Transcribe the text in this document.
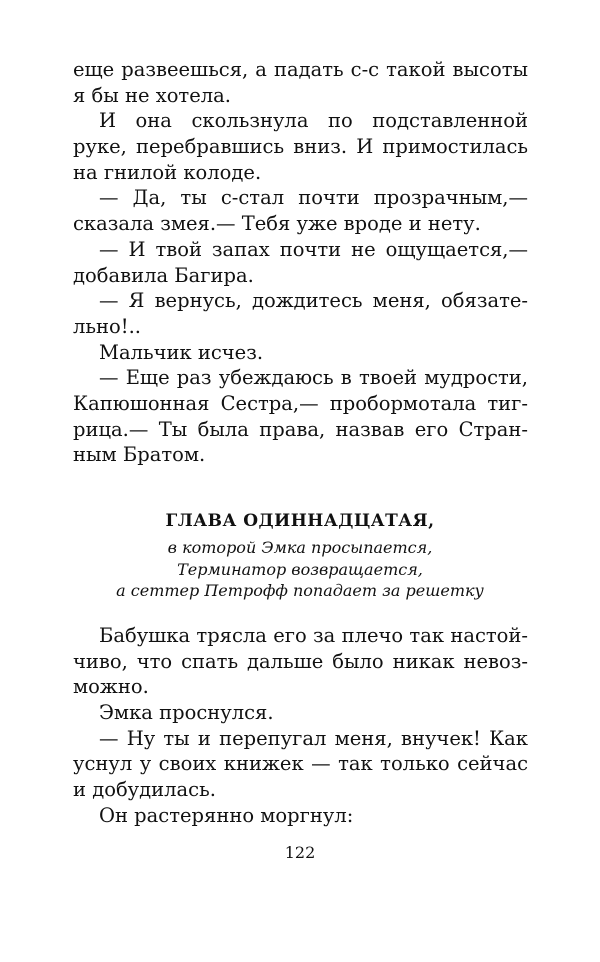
еще развеешься, а падать с-с такой высоты
я бы не хотела.
И она скользнула по подставленной
руке, перебравшись вниз. И примостилась
на гнилой колоде.
— Да, ты с-стал почти прозрачным,—
сказала змея.— Тебя уже вроде и нету.
— И твой запах почти не ощущается,—
добавила Багира.
— Я вернусь, дождитесь меня, обязате-
льно!..
Мальчик исчез.
— Еще раз убеждаюсь в твоей мудрости,
Капюшонная Сестра,— пробормотала тиг-
рица.— Ты была права, назвав его Стран-
ным Братом.
ГЛАВА ОДИННАДЦАТАЯ,
в которой Эмка просыпается,
Терминатор возвращается,
а сеттер Петрофф попадает за решетку
Бабушка трясла его за плечо так настой-
чиво, что спать дальше было никак невоз-
можно.
Эмка проснулся.
— Ну ты и перепугал меня, внучек! Как
уснул у своих книжек — так только сейчас
и добудилась.
Он растерянно моргнул:
122
